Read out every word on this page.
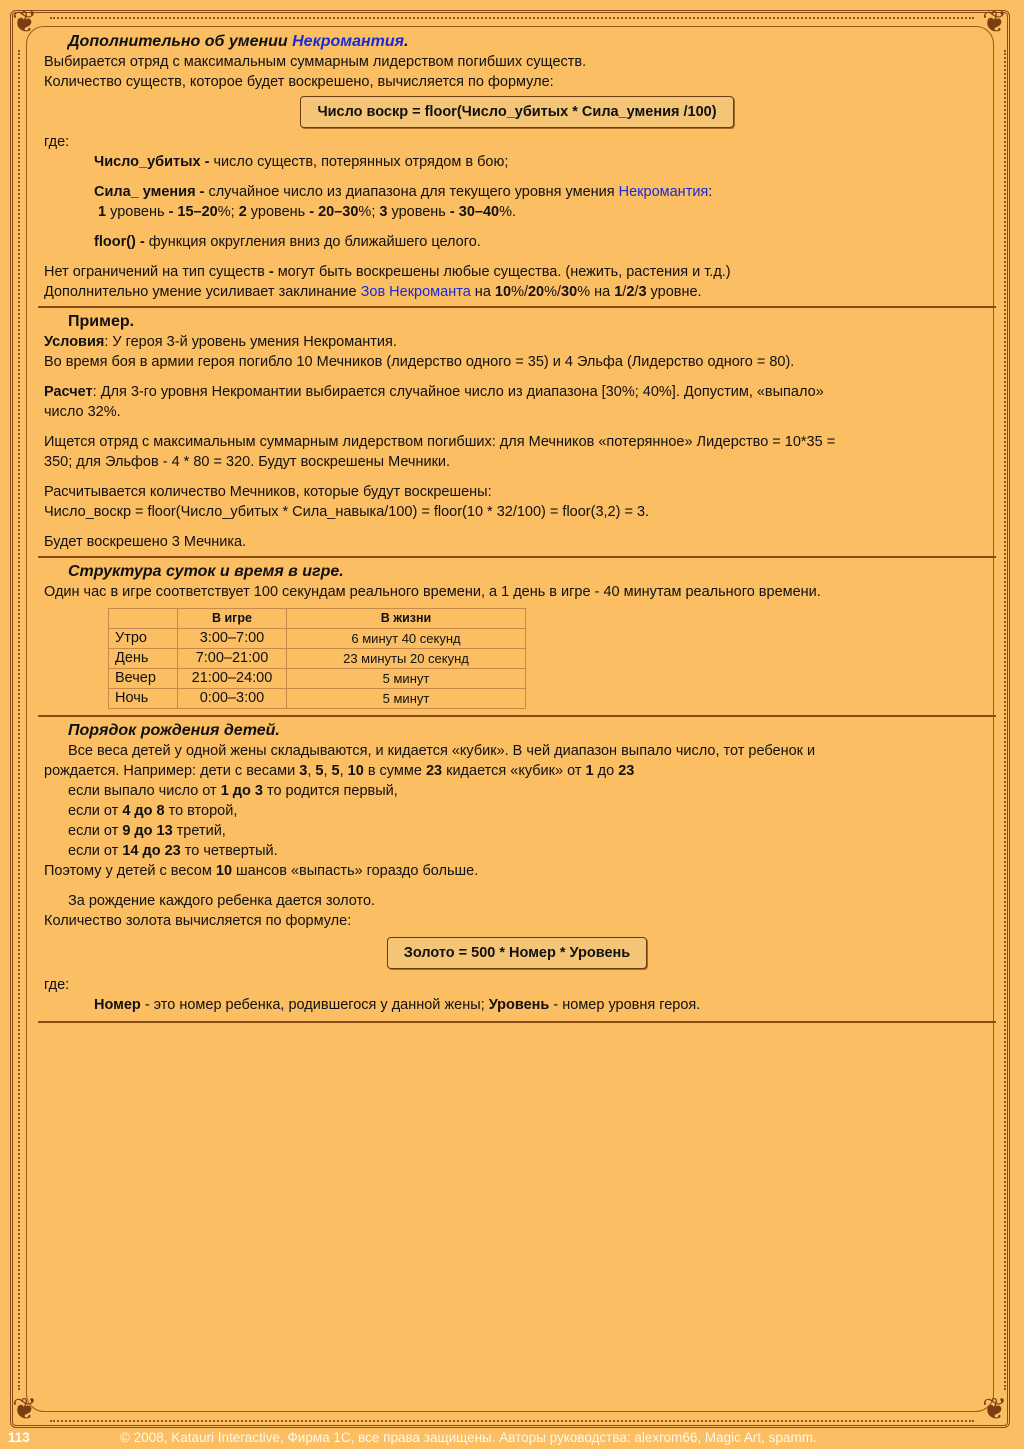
❦	❦
❦	❦
Дополнительно об умении Некромантия.

Выбирается отряд с максимальным суммарным лидерством погибших существ.

Количество существ, которое будет воскрешено, вычисляется по формуле:

Число воскр = floor(Число_убитых * Сила_умения /100)

где:

Число_убитых - число существ, потерянных отрядом в бою;

Сила_ умения - случайное число из диапазона для текущего уровня умения Некромантия:

1 уровень - 15–20%; 2 уровень - 20–30%; 3 уровень - 30–40%.

floor() - функция округления вниз до ближайшего целого.

Нет ограничений на тип существ - могут быть воскрешены любые существа. (нежить, растения и т.д.)

Дополнительно умение усиливает заклинание Зов Некроманта на 10%/20%/30% на 1/2/3 уровне.

Пример.

Условия: У героя 3-й уровень умения Некромантия.

Во время боя в армии героя погибло 10 Мечников (лидерство одного = 35) и 4 Эльфа (Лидерство одного = 80).

Расчет: Для 3-го уровня Некромантии выбирается случайное число из диапазона [30%; 40%]. Допустим, «выпало»

число 32%.

Ищется отряд с максимальным суммарным лидерством погибших: для Мечников «потерянное» Лидерство = 10*35 =

350; для Эльфов - 4 * 80 = 320. Будут воскрешены Мечники.

Расчитывается количество Мечников, которые будут воскрешены:

Число_воскр = floor(Число_убитых * Сила_навыка/100) = floor(10 * 32/100) = floor(3,2) = 3.

Будет воскрешено 3 Мечника.

Структура суток и время в игре.

Один час в игре соответствует 100 секундам реального времени, а 1 день в игре - 40 минутам реального времени.

	В игре	В жизни
Утро	3:00–7:00	6 минут 40 секунд
День	7:00–21:00	23 минуты 20 секунд
Вечер	21:00–24:00	5 минут
Ночь	0:00–3:00	5 минут
Порядок рождения детей.

Все веса детей у одной жены складываются, и кидается «кубик». В чей диапазон выпало число, тот ребенок и

рождается. Например: дети с весами 3, 5, 5, 10 в сумме 23 кидается «кубик» от 1 до 23

если выпало число от 1 до 3 то родится первый,

если от 4 до 8 то второй,

если от 9 до 13 третий,

если от 14 до 23 то четвертый.

Поэтому у детей с весом 10 шансов «выпасть» гораздо больше.

За рождение каждого ребенка дается золото.

Количество золота вычисляется по формуле:

Золото = 500 * Номер * Уровень

где:

Номер - это номер ребенка, родившегося у данной жены; Уровень - номер уровня героя.

113	© 2008, Katauri Interactive, Фирма 1С, все права защищены. Авторы руководства: alexrom66, Magic Art, spamm.
